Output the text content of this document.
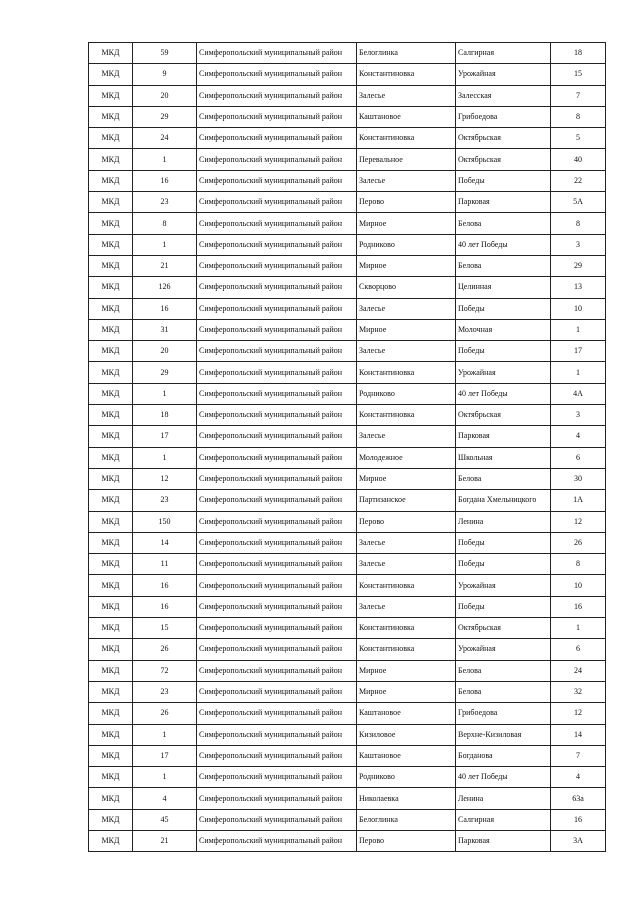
МКД	59	Симферопольский муниципальный район	Белоглинка	Салгирная	18
МКД	9	Симферопольский муниципальный район	Константиновка	Урожайная	15
МКД	20	Симферопольский муниципальный район	Залесье	Залесская	7
МКД	29	Симферопольский муниципальный район	Каштановое	Грибоедова	8
МКД	24	Симферопольский муниципальный район	Константиновка	Октябрьская	5
МКД	1	Симферопольский муниципальный район	Перевальное	Октябрьская	40
МКД	16	Симферопольский муниципальный район	Залесье	Победы	22
МКД	23	Симферопольский муниципальный район	Перово	Парковая	5А
МКД	8	Симферопольский муниципальный район	Мирное	Белова	8
МКД	1	Симферопольский муниципальный район	Родниково	40 лет Победы	3
МКД	21	Симферопольский муниципальный район	Мирное	Белова	29
МКД	126	Симферопольский муниципальный район	Скворцово	Целинная	13
МКД	16	Симферопольский муниципальный район	Залесье	Победы	10
МКД	31	Симферопольский муниципальный район	Мирное	Молочная	1
МКД	20	Симферопольский муниципальный район	Залесье	Победы	17
МКД	29	Симферопольский муниципальный район	Константиновка	Урожайная	1
МКД	1	Симферопольский муниципальный район	Родниково	40 лет Победы	4А
МКД	18	Симферопольский муниципальный район	Константиновка	Октябрьская	3
МКД	17	Симферопольский муниципальный район	Залесье	Парковая	4
МКД	1	Симферопольский муниципальный район	Молодежное	Школьная	6
МКД	12	Симферопольский муниципальный район	Мирное	Белова	30
МКД	23	Симферопольский муниципальный район	Партизанское	Богдана Хмельницкого	1А
МКД	150	Симферопольский муниципальный район	Перово	Ленина	12
МКД	14	Симферопольский муниципальный район	Залесье	Победы	26
МКД	11	Симферопольский муниципальный район	Залесье	Победы	8
МКД	16	Симферопольский муниципальный район	Константиновка	Урожайная	10
МКД	16	Симферопольский муниципальный район	Залесье	Победы	16
МКД	15	Симферопольский муниципальный район	Константиновка	Октябрьская	1
МКД	26	Симферопольский муниципальный район	Константиновка	Урожайная	6
МКД	72	Симферопольский муниципальный район	Мирное	Белова	24
МКД	23	Симферопольский муниципальный район	Мирное	Белова	32
МКД	26	Симферопольский муниципальный район	Каштановое	Грибоедова	12
МКД	1	Симферопольский муниципальный район	Кизиловое	Верхне-Кизиловая	14
МКД	17	Симферопольский муниципальный район	Каштановое	Богданова	7
МКД	1	Симферопольский муниципальный район	Родниково	40 лет Победы	4
МКД	4	Симферопольский муниципальный район	Николаевка	Ленина	63а
МКД	45	Симферопольский муниципальный район	Белоглинка	Салгирная	16
МКД	21	Симферопольский муниципальный район	Перово	Парковая	3А
